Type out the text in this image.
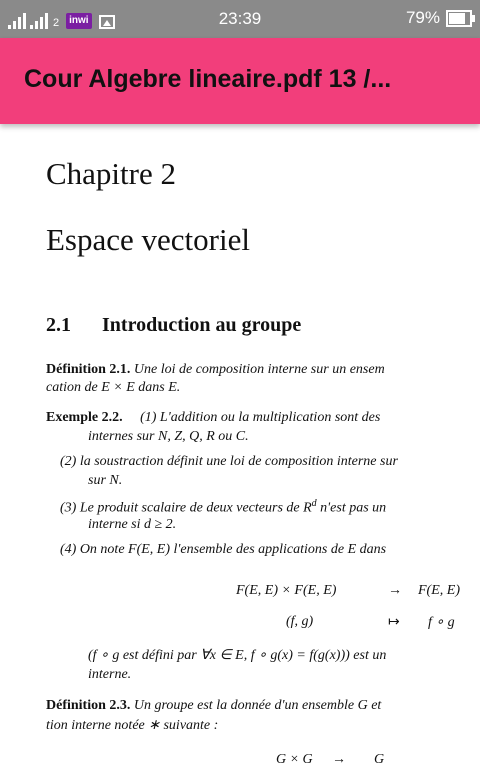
2	inwi	23:39	79%
Cour Algebre lineaire.pdf 13 /...
Chapitre 2
Espace vectoriel
2.1 Introduction au groupe
Définition 2.1. Une loi de composition interne sur un ensem
cation de E × E dans E.
Exemple 2.2. (1) L'addition ou la multiplication sont des
internes sur N, Z, Q, R ou C.
(2) la soustraction définit une loi de composition interne sur
sur N.
(3) Le produit scalaire de deux vecteurs de $R^d$ n'est pas un
interne si d ≥ 2.
(4) On note F(E, E) l'ensemble des applications de E dans
F(E, E) × F(E, E)	→ F(E, E)
(f, g)	↦ f ∘ g
(f ∘ g est défini par ∀x ∈ E, f ∘ g(x) = f(g(x))) est un
interne.
Définition 2.3. Un groupe est la donnée d'un ensemble G et
tion interne notée ∗ suivante :
G × G → G
